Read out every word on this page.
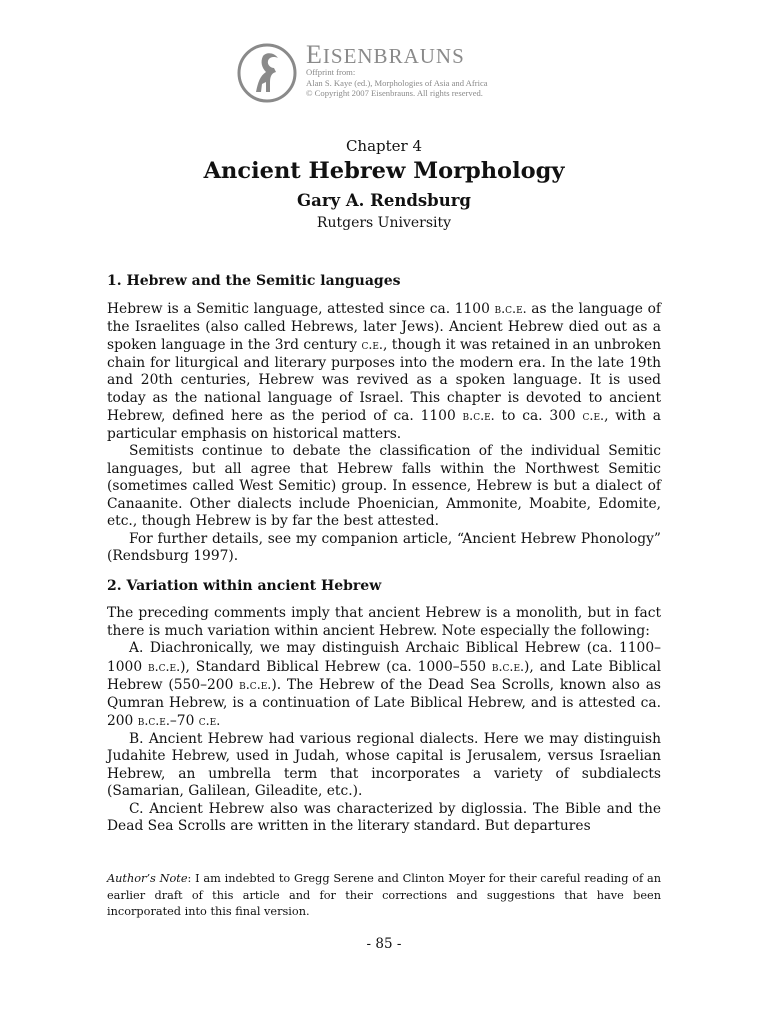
EISENBRAUNS
Offprint from:
Alan S. Kaye (ed.), Morphologies of Asia and Africa
© Copyright 2007 Eisenbrauns. All rights reserved.
Chapter 4
Ancient Hebrew Morphology
Gary A. Rendsburg
Rutgers University
1. Hebrew and the Semitic languages

Hebrew is a Semitic language, attested since ca. 1100 b.c.e. as the language of the Israelites (also called Hebrews, later Jews). Ancient Hebrew died out as a spoken language in the 3rd century c.e., though it was retained in an unbroken chain for liturgical and literary purposes into the modern era. In the late 19th and 20th centuries, Hebrew was revived as a spoken language. It is used today as the national language of Israel. This chapter is devoted to ancient Hebrew, defined here as the period of ca. 1100 b.c.e. to ca. 300 c.e., with a particular emphasis on historical matters.

Semitists continue to debate the classification of the individual Semitic languages, but all agree that Hebrew falls within the Northwest Semitic (sometimes called West Semitic) group. In essence, Hebrew is but a dialect of Canaanite. Other dialects include Phoenician, Ammonite, Moabite, Edomite, etc., though Hebrew is by far the best attested.

For further details, see my companion article, “Ancient Hebrew Phonology” (Rendsburg 1997).

2. Variation within ancient Hebrew

The preceding comments imply that ancient Hebrew is a monolith, but in fact there is much variation within ancient Hebrew. Note especially the following:

A. Diachronically, we may distinguish Archaic Biblical Hebrew (ca. 1100–1000 b.c.e.), Standard Biblical Hebrew (ca. 1000–550 b.c.e.), and Late Biblical Hebrew (550–200 b.c.e.). The Hebrew of the Dead Sea Scrolls, known also as Qumran Hebrew, is a continuation of Late Biblical Hebrew, and is attested ca. 200 b.c.e.–70 c.e.

B. Ancient Hebrew had various regional dialects. Here we may distinguish Judahite Hebrew, used in Judah, whose capital is Jerusalem, versus Israelian Hebrew, an umbrella term that incorporates a variety of subdialects (Samarian, Galilean, Gileadite, etc.).

C. Ancient Hebrew also was characterized by diglossia. The Bible and the Dead Sea Scrolls are written in the literary standard. But departures

Author’s Note: I am indebted to Gregg Serene and Clinton Moyer for their careful reading of an earlier draft of this article and for their corrections and suggestions that have been incorporated into this final version.
- 85 -
